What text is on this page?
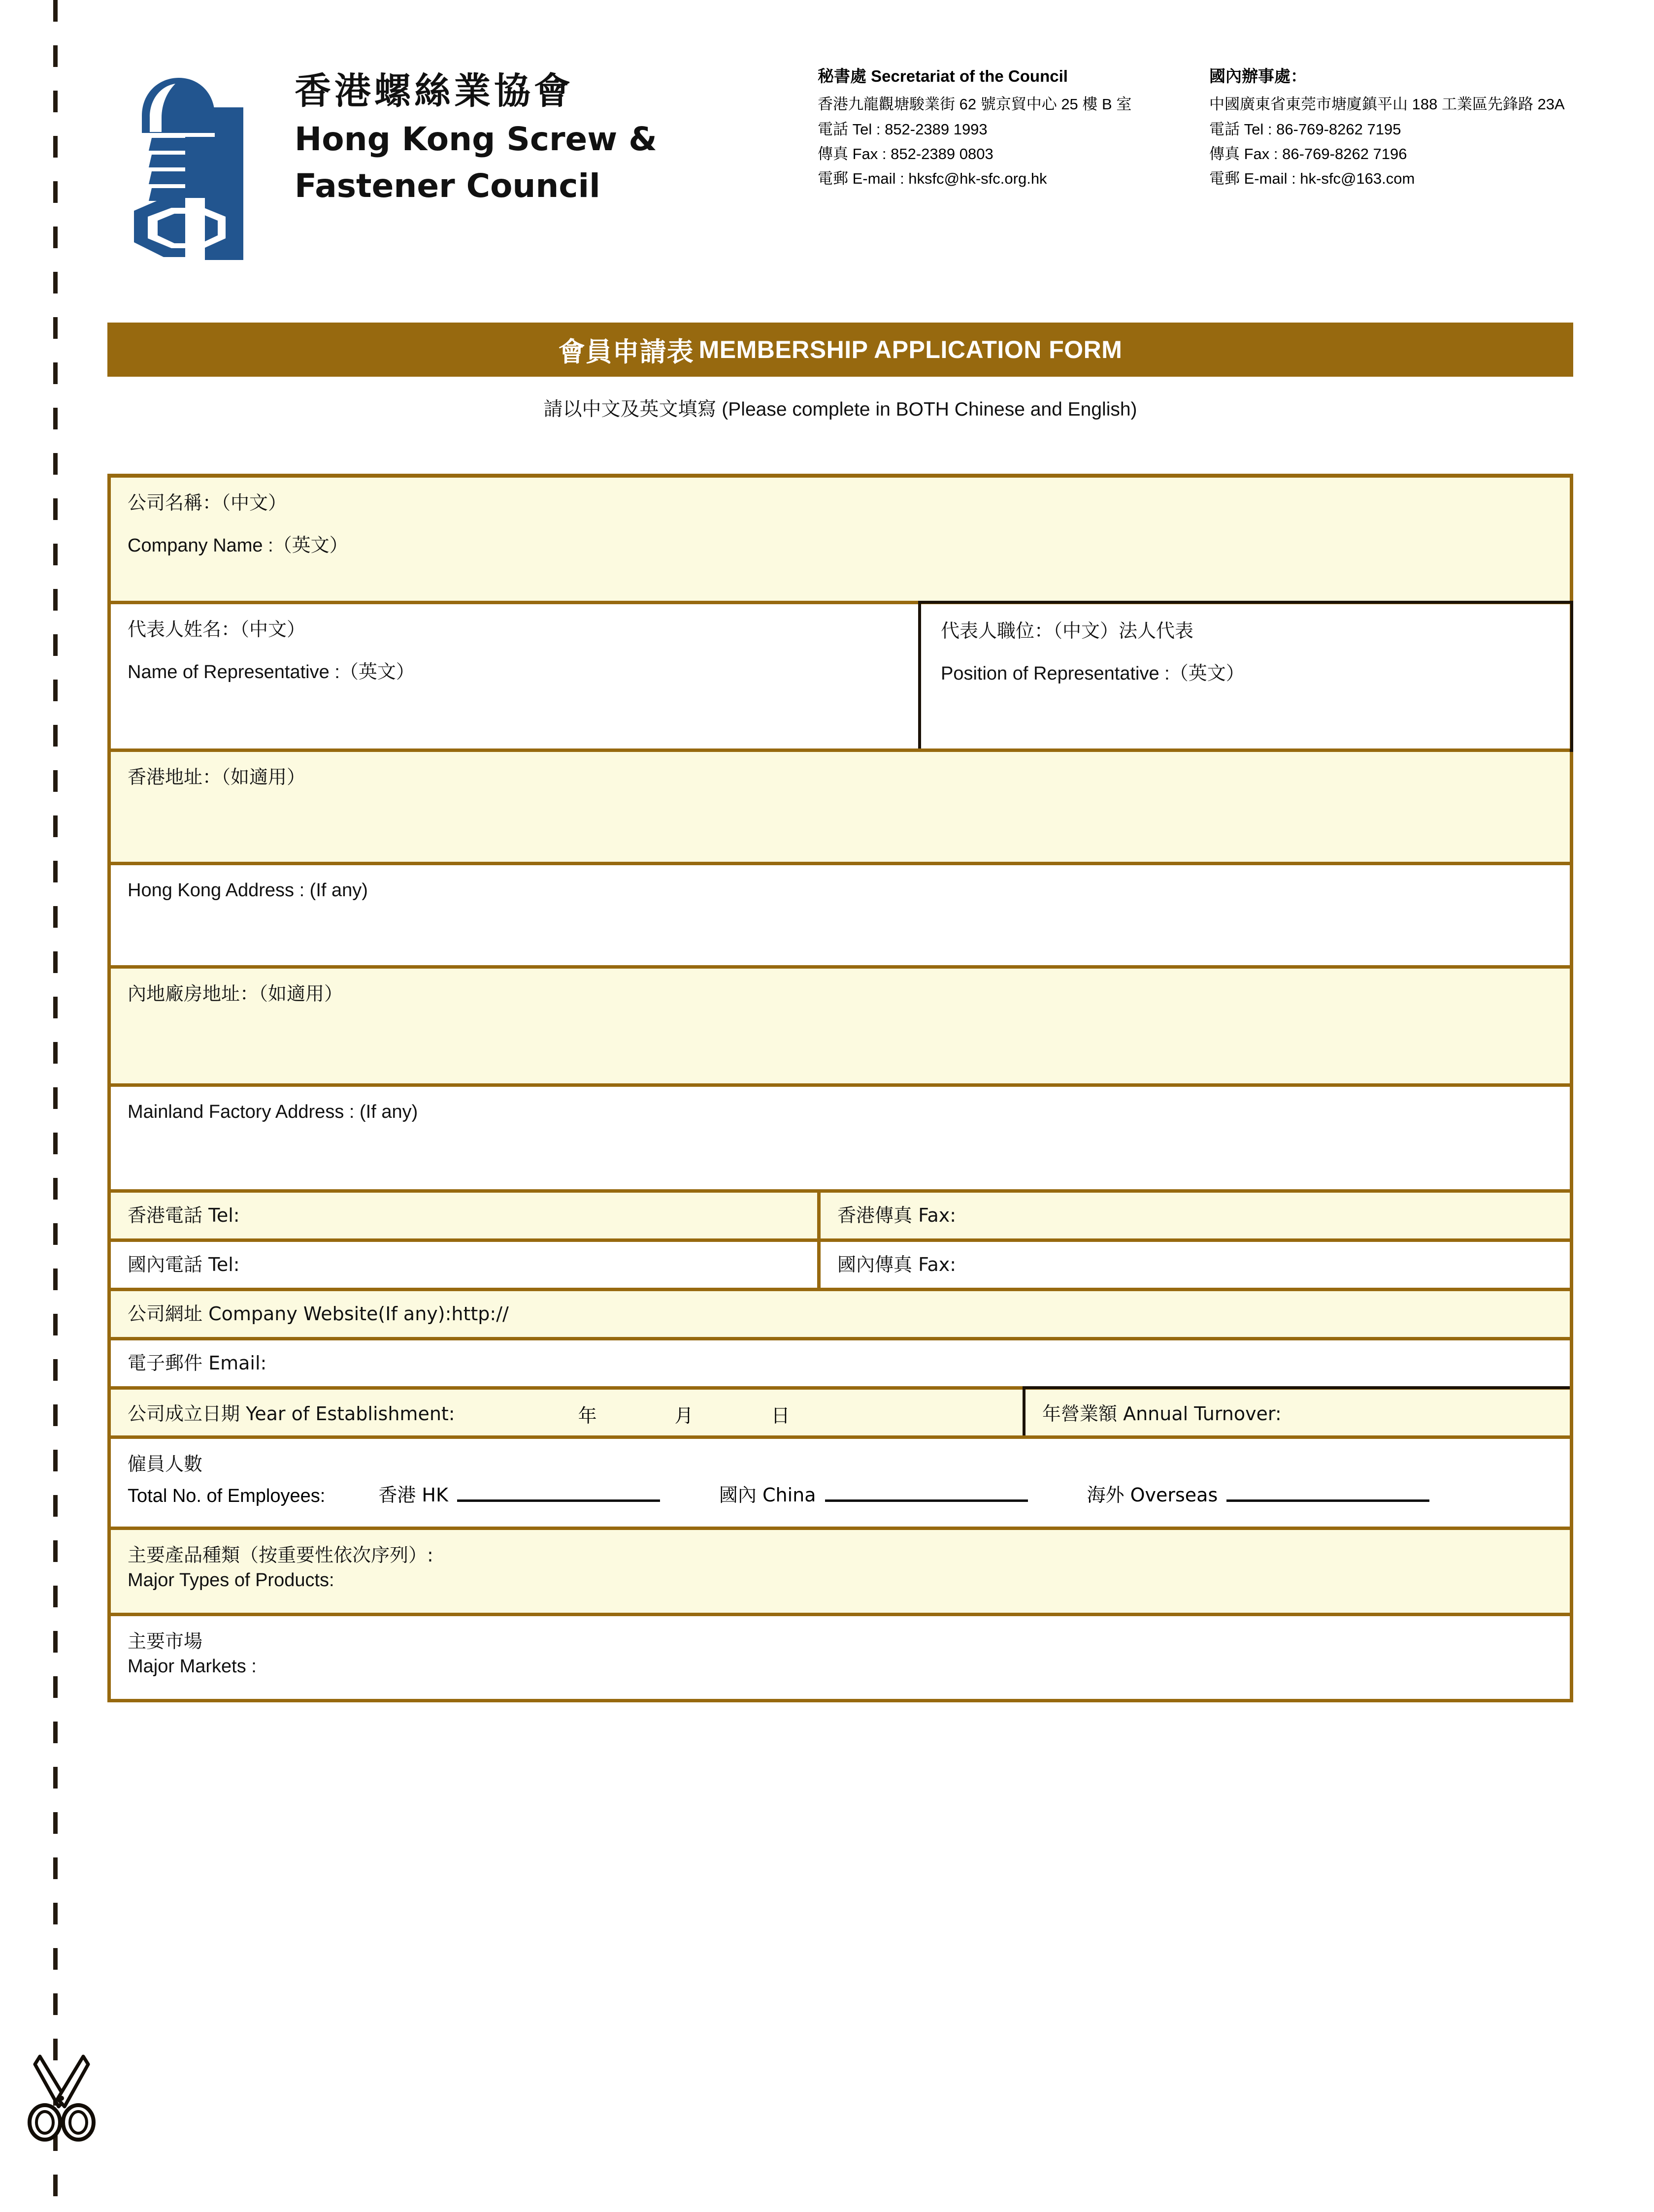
香港螺絲業協會
Hong Kong Screw &
Fastener Council
秘書處 Secretariat of the Council
香港九龍觀塘駿業街 62 號京貿中心 25 樓 B 室
電話 Tel : 852-2389 1993
傳真 Fax : 852-2389 0803
電郵 E-mail : hksfc@hk-sfc.org.hk
國內辦事處：
中國廣東省東莞市塘廈鎮平山 188 工業區先鋒路 23A
電話 Tel : 86-769-8262 7195
傳真 Fax : 86-769-8262 7196
電郵 E-mail : hk-sfc@163.com
會員申請表 MEMBERSHIP APPLICATION FORM
請以中文及英文填寫 (Please complete in BOTH Chinese and English)
公司名稱：（中文）
Company Name :（英文）
代表人姓名：（中文）
Name of Representative :（英文）
代表人職位：（中文）法人代表
Position of Representative :（英文）
香港地址：（如適用）
Hong Kong Address : (If any)
內地廠房地址：（如適用）
Mainland Factory Address : (If any)
香港電話 Tel:	香港傳真 Fax:
國內電話 Tel:	國內傳真 Fax:
公司網址 Company Website(If any):http://
電子郵件 Email:
公司成立日期 Year of Establishment:	年	月	日	年營業額 Annual Turnover:
僱員人數
Total No. of Employees:	香港 HK	國內 China	海外 Overseas
主要產品種類（按重要性依次序列）:
Major Types of Products:
主要市場
Major Markets :
